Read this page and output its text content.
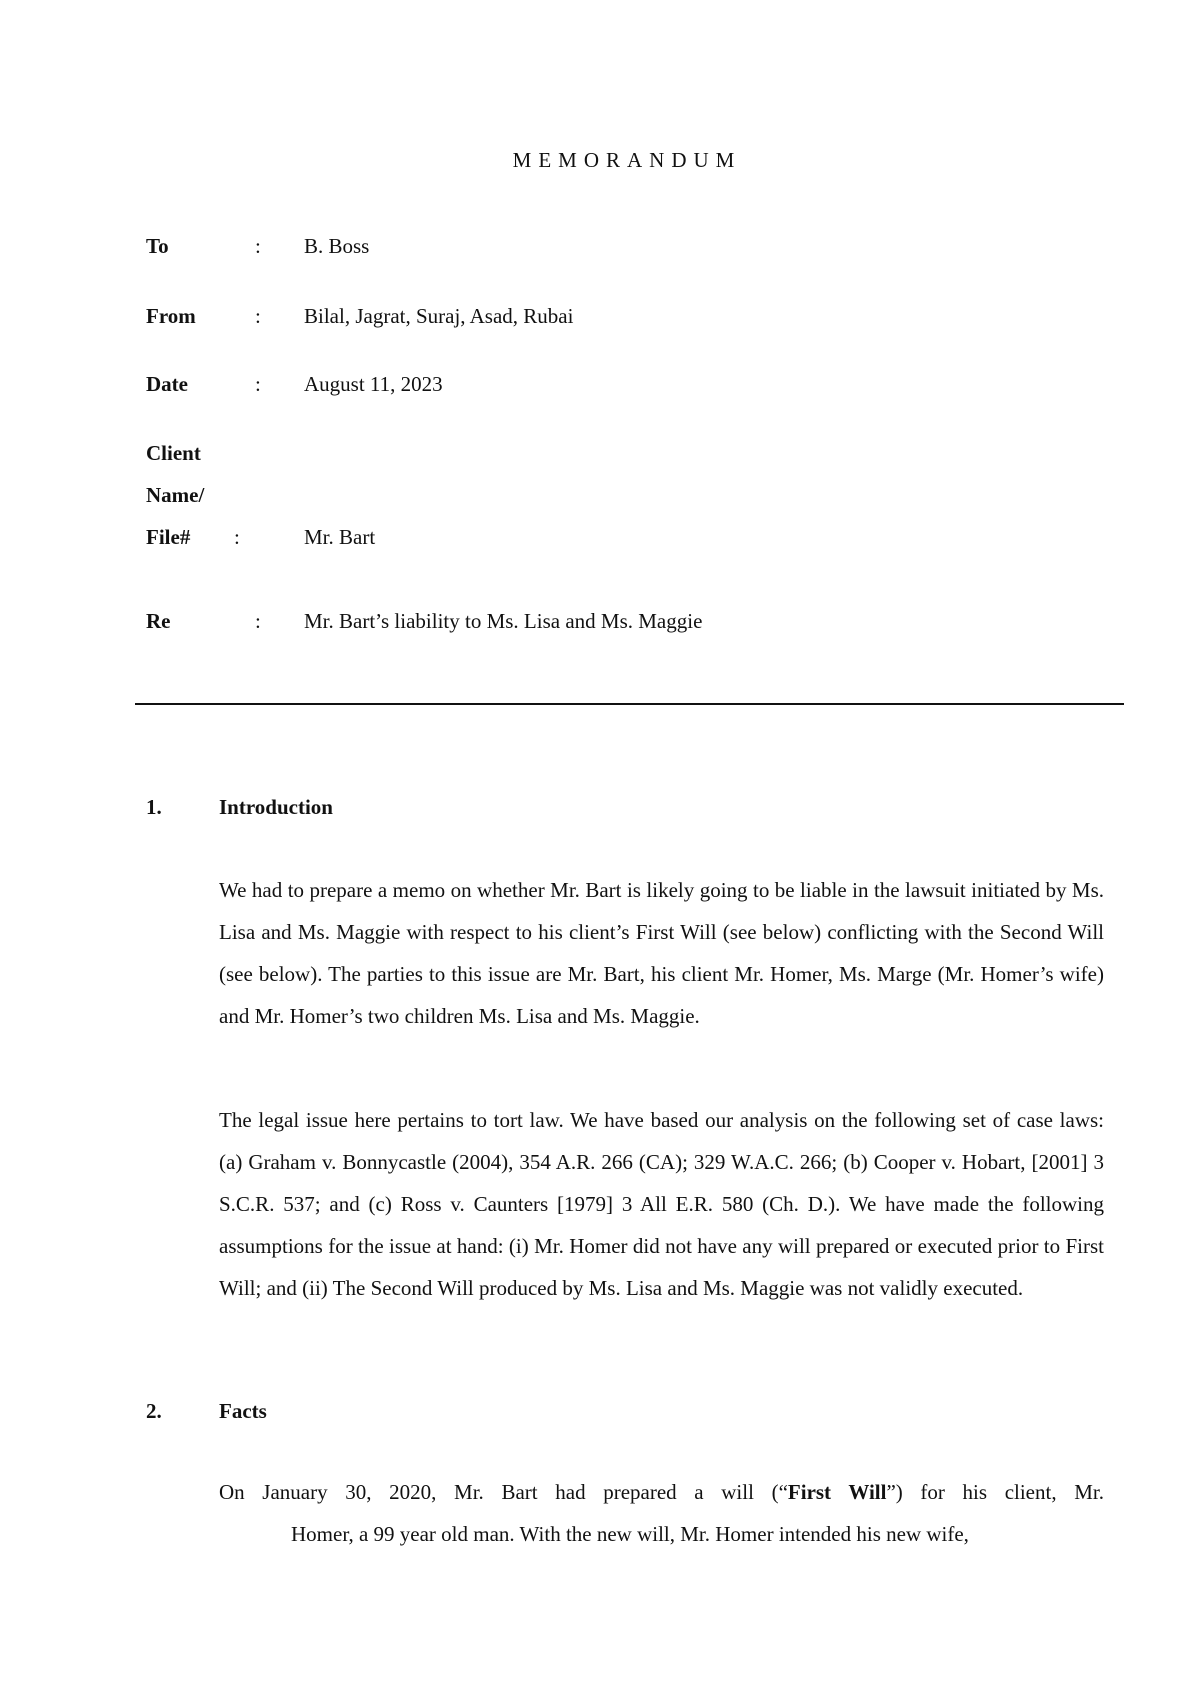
MEMORANDUM
To	: B. Boss
From	: Bilal, Jagrat, Suraj, Asad, Rubai
Date	: August 11, 2023
Client
Name/
File# :	Mr. Bart
Re	: Mr. Bart’s liability to Ms. Lisa and Ms. Maggie
1.	Introduction

We had to prepare a memo on whether Mr. Bart is likely going to be liable in the lawsuit initiated by Ms. Lisa and Ms. Maggie with respect to his client’s First Will (see below) conflicting with the Second Will (see below). The parties to this issue are Mr. Bart, his client Mr. Homer, Ms. Marge (Mr. Homer’s wife) and Mr. Homer’s two children Ms. Lisa and Ms. Maggie.

The legal issue here pertains to tort law. We have based our analysis on the following set of case laws: (a) Graham v. Bonnycastle (2004), 354 A.R. 266 (CA); 329 W.A.C. 266; (b) Cooper v. Hobart, [2001] 3 S.C.R. 537; and (c) Ross v. Caunters [1979] 3 All E.R. 580 (Ch. D.). We have made the following assumptions for the issue at hand: (i) Mr. Homer did not have any will prepared or executed prior to First Will; and (ii) The Second Will produced by Ms. Lisa and Ms. Maggie was not validly executed.

2.	Facts

On January 30, 2020, Mr. Bart had prepared a will (“First Will”) for his client, Mr.
Homer, a 99 year old man. With the new will, Mr. Homer intended his new wife,
